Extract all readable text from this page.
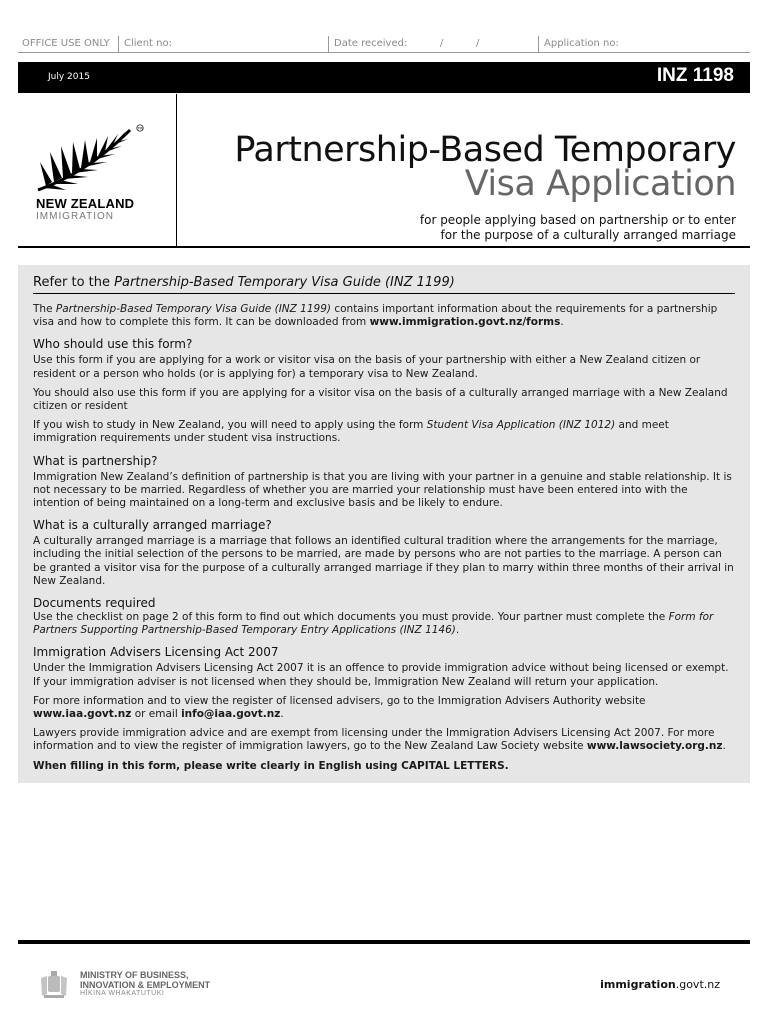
OFFICE USE ONLY Client no:	Date received:	/	/	Application no:
July 2015	INZ 1198
TM
NEW ZEALAND
IMMIGRATION
Partnership-Based Temporary
Visa Application
for people applying based on partnership or to enter
for the purpose of a culturally arranged marriage
Refer to the Partnership-Based Temporary Visa Guide (INZ 1199)

The Partnership-Based Temporary Visa Guide (INZ 1199) contains important information about the requirements for a partnership visa and how to complete this form. It can be downloaded from www.immigration.govt.nz/forms.

Who should use this form?

Use this form if you are applying for a work or visitor visa on the basis of your partnership with either a New Zealand citizen or resident or a person who holds (or is applying for) a temporary visa to New Zealand.

You should also use this form if you are applying for a visitor visa on the basis of a culturally arranged marriage with a New Zealand citizen or resident

If you wish to study in New Zealand, you will need to apply using the form Student Visa Application (INZ 1012) and meet immigration requirements under student visa instructions.

What is partnership?

Immigration New Zealand’s definition of partnership is that you are living with your partner in a genuine and stable relationship. It is not necessary to be married. Regardless of whether you are married your relationship must have been entered into with the intention of being maintained on a long-term and exclusive basis and be likely to endure.

What is a culturally arranged marriage?

A culturally arranged marriage is a marriage that follows an identified cultural tradition where the arrangements for the marriage, including the initial selection of the persons to be married, are made by persons who are not parties to the marriage. A person can be granted a visitor visa for the purpose of a culturally arranged marriage if they plan to marry within three months of their arrival in New Zealand.

Documents required

Use the checklist on page 2 of this form to find out which documents you must provide. Your partner must complete the Form for Partners Supporting Partnership-Based Temporary Entry Applications (INZ 1146).

Immigration Advisers Licensing Act 2007

Under the Immigration Advisers Licensing Act 2007 it is an offence to provide immigration advice without being licensed or exempt. If your immigration adviser is not licensed when they should be, Immigration New Zealand will return your application.

For more information and to view the register of licensed advisers, go to the Immigration Advisers Authority website www.iaa.govt.nz or email info@iaa.govt.nz.

Lawyers provide immigration advice and are exempt from licensing under the Immigration Advisers Licensing Act 2007. For more information and to view the register of immigration lawyers, go to the New Zealand Law Society website www.lawsociety.org.nz.

When filling in this form, please write clearly in English using CAPITAL LETTERS.

MINISTRY OF BUSINESS,
INNOVATION & EMPLOYMENT
HĪKINA WHAKATUTUKI
immigration.govt.nz
